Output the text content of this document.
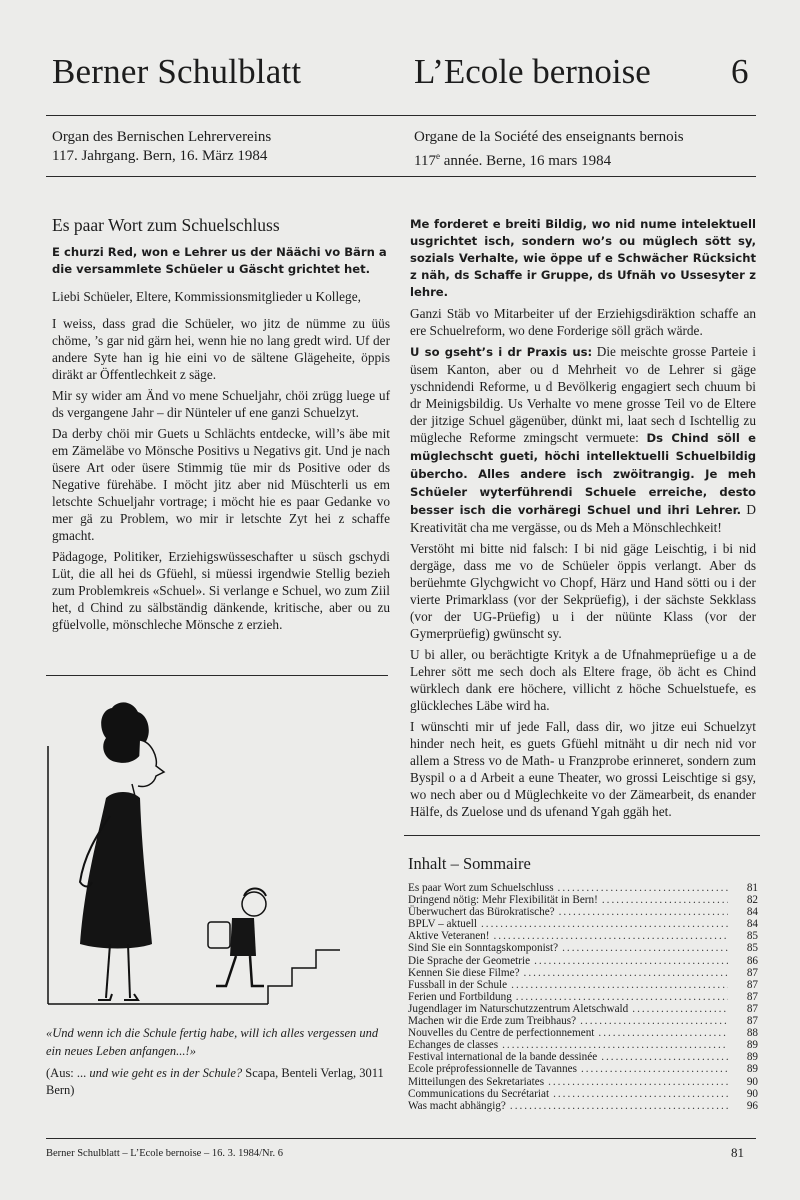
Berner Schulblatt	L’Ecole bernoise 6
Organ des Bernischen Lehrervereins
117. Jahrgang. Bern, 16. März 1984
Organe de la Société des enseignants bernois
117e année. Berne, 16 mars 1984
Es paar Wort zum Schuelschluss
E churzi Red, won e Lehrer us der Näächi vo Bärn a die versammlete Schüeler u Gäscht grichtet het.

Liebi Schüeler, Eltere, Kommissionsmitglieder u Kollege,

I weiss, dass grad die Schüeler, wo jitz de nümme zu üüs chöme, ’s gar nid gärn hei, wenn hie no lang gredt wird. Uf der andere Syte han ig hie eini vo de sältene Glägeheite, öppis diräkt ar Öffentlechkeit z säge.

Mir sy wider am Änd vo mene Schueljahr, chöi zrügg luege uf ds vergangene Jahr – dir Nünteler uf ene ganzi Schuelzyt.

Da derby chöi mir Guets u Schlächts entdecke, will’s äbe mit em Zämeläbe vo Mönsche Positivs u Negativs git. Und je nach üsere Art oder üsere Stimmig tüe mir ds Positive oder ds Negative fürehäbe. I möcht jitz aber nid Müschterli us em letschte Schueljahr vortrage; i möcht hie es paar Gedanke vo mer gä zu Problem, wo mir ir letschte Zyt hei z schaffe gmacht.

Pädagoge, Politiker, Erziehigswüsseschafter u süsch gschydi Lüt, die all hei ds Gfüehl, si müessi irgendwie Stellig bezieh zum Problemkreis «Schuel». Si verlange e Schuel, wo zum Ziil het, d Chind zu sälbständig dänkende, kritische, aber ou zu gfüelvolle, mönschleche Mönsche z erzieh.

«Und wenn ich die Schule fertig habe, will ich alles vergessen und ein neues Leben anfangen...!»
(Aus: ... und wie geht es in der Schule? Scapa, Benteli Verlag, 3011 Bern)

Me forderet e breiti Bildig, wo nid nume intelektuell usgrichtet isch, sondern wo’s ou müglech sött sy, sozials Verhalte, wie öppe uf e Schwächer Rücksicht z näh, ds Schaffe ir Gruppe, ds Ufnäh vo Ussesyter z lehre.

Ganzi Stäb vo Mitarbeiter uf der Erziehigsdiräktion schaffe an ere Schuelreform, wo dene Forderige söll gräch wärde.

U so gseht’s i dr Praxis us: Die meischte grosse Parteie i üsem Kanton, aber ou d Mehrheit vo de Lehrer si gäge yschnidendi Reforme, u d Bevölkerig engagiert sech chuum bi dr Meinigsbildig. Us Verhalte vo mene grosse Teil vo de Eltere der jitzige Schuel gägenüber, dünkt mi, laat sech d Ischtellig zu mügleche Reforme zmingscht vermuete: Ds Chind söll e müglechscht gueti, höchi intellektuelli Schuelbildig übercho. Alles andere isch zwöitrangig. Je meh Schüeler wyterführendi Schuele erreiche, desto besser isch die vorhäregi Schuel und ihri Lehrer. D Kreativität cha me vergässe, ou ds Meh a Mönschlechkeit!

Verstöht mi bitte nid falsch: I bi nid gäge Leischtig, i bi nid dergäge, dass me vo de Schüeler öppis verlangt. Aber ds berüehmte Glychgwicht vo Chopf, Härz und Hand sötti ou i der vierte Primarklass (vor der Sekprüefig), i der sächste Sekklass (vor der UG-Prüefig) u i der nüünte Klass (vor der Gymerprüefig) gwünscht sy.

U bi aller, ou berächtigte Krityk a de Ufnahmeprüefige u a de Lehrer sött me sech doch als Eltere frage, öb ächt es Chind würklech dank ere höchere, villicht z höche Schuelstuefe, es glückleches Läbe wird ha.

I wünschti mir uf jede Fall, dass dir, wo jitze eui Schuelzyt hinder nech heit, es guets Gfüehl mitnäht u dir nech nid vor allem a Stress vo de Math- u Franzprobe erinneret, sondern zum Byspil o a d Arbeit a eune Theater, wo grossi Leischtige si gsy, wo nech aber ou d Müglechkeite vo der Zämearbeit, ds enander Hälfe, ds Zuelose und ds ufenand Ygah ggäh het.

Inhalt – Sommaire
Es paar Wort zum Schuelschluss .....	81
Dringend nötig: Mehr Flexibilität in Bern! .....	82
Überwuchert das Bürokratische? .....	84
BPLV – aktuell .....	84
Aktive Veteranen! .....	85
Sind Sie ein Sonntagskomponist? .....	85
Die Sprache der Geometrie .....	86
Kennen Sie diese Filme? .....	87
Fussball in der Schule .....	87
Ferien und Fortbildung .....	87
Jugendlager im Naturschutzzentrum Aletschwald .....	87
Machen wir die Erde zum Treibhaus? .....	87
Nouvelles du Centre de perfectionnement .....	88
Echanges de classes .....	89
Festival international de la bande dessinée .....	89
Ecole préprofessionnelle de Tavannes .....	89
Mitteilungen des Sekretariates .....	90
Communications du Secrétariat .....	90
Was macht abhängig? .....	96
Berner Schulblatt – L’Ecole bernoise – 16. 3. 1984/Nr. 6	81
